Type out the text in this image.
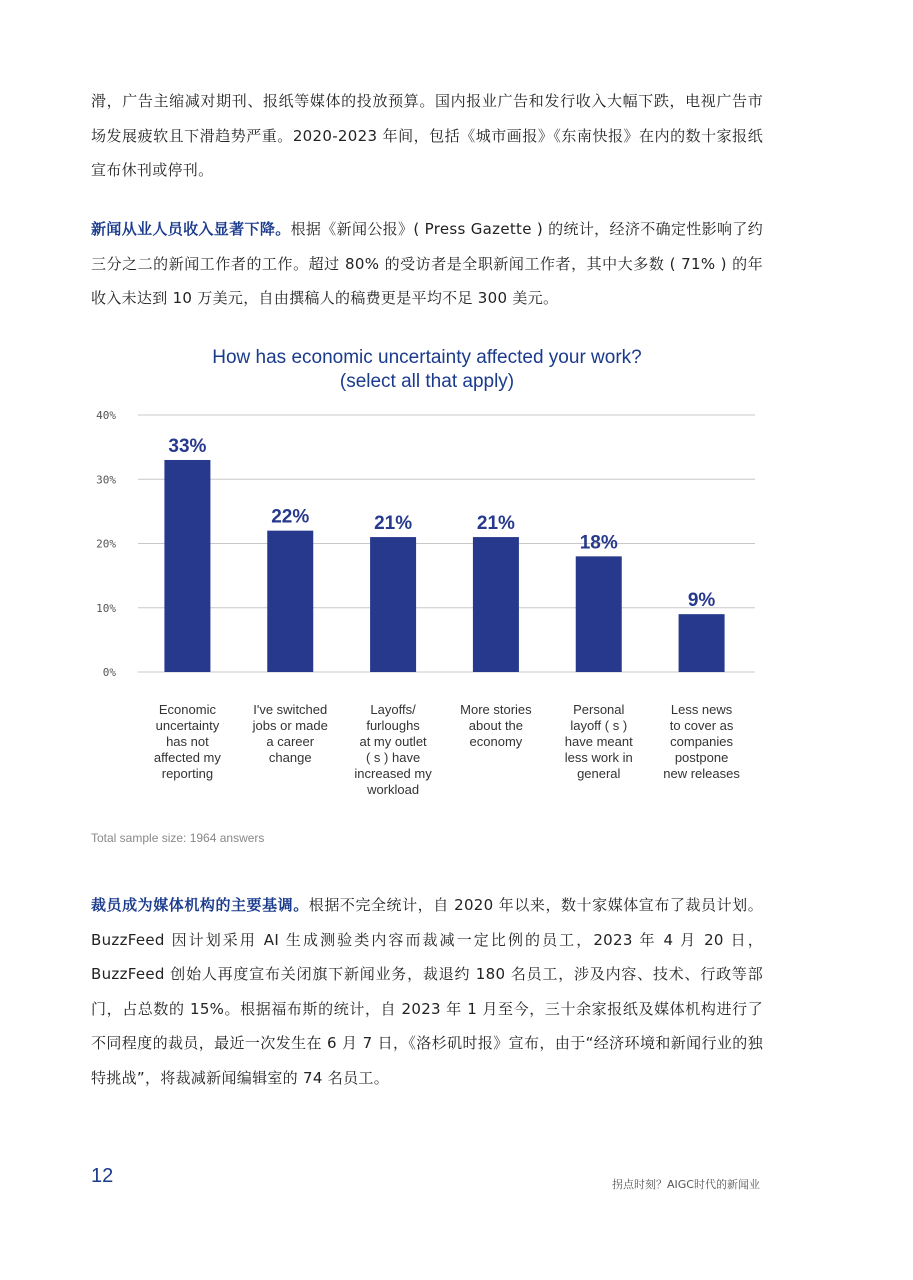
滑，广告主缩减对期刊、报纸等媒体的投放预算。国内报业广告和发行收入大幅下跌，电视广告市场发展疲软且下滑趋势严重。2020-2023 年间，包括《城市画报》《东南快报》在内的数十家报纸宣布休刊或停刊。

新闻从业人员收入显著下降。根据《新闻公报》( Press Gazette ) 的统计，经济不确定性影响了约三分之二的新闻工作者的工作。超过 80% 的受访者是全职新闻工作者，其中大多数 ( 71% ) 的年收入未达到 10 万美元，自由撰稿人的稿费更是平均不足 300 美元。

How has economic uncertainty affected your work?
(select all that apply)
0%
10%
20%
30%
40%
33%
Economic uncertainty has not affected my reporting
22%
I've switched jobs or made a career change
21%
Layoffs/ furloughs at my outlet ( s ) have increased my workload
21%
More stories about the economy
18%
Personal layoff ( s ) have meant less work in general
9%
Less news to cover as companies postpone new releases

Total sample size: 1964 answers

12	拐点时刻？AIGC时代的新闻业

裁员成为媒体机构的主要基调。根据不完全统计，自 2020 年以来，数十家媒体宣布了裁员计划。BuzzFeed 因计划采用 AI 生成测验类内容而裁减一定比例的员工，2023 年 4 月 20 日，BuzzFeed 创始人再度宣布关闭旗下新闻业务，裁退约 180 名员工，涉及内容、技术、行政等部门，占总数的 15%。根据福布斯的统计，自 2023 年 1 月至今，三十余家报纸及媒体机构进行了不同程度的裁员，最近一次发生在 6 月 7 日，《洛杉矶时报》宣布，由于“经济环境和新闻行业的独特挑战”，将裁减新闻编辑室的 74 名员工。
